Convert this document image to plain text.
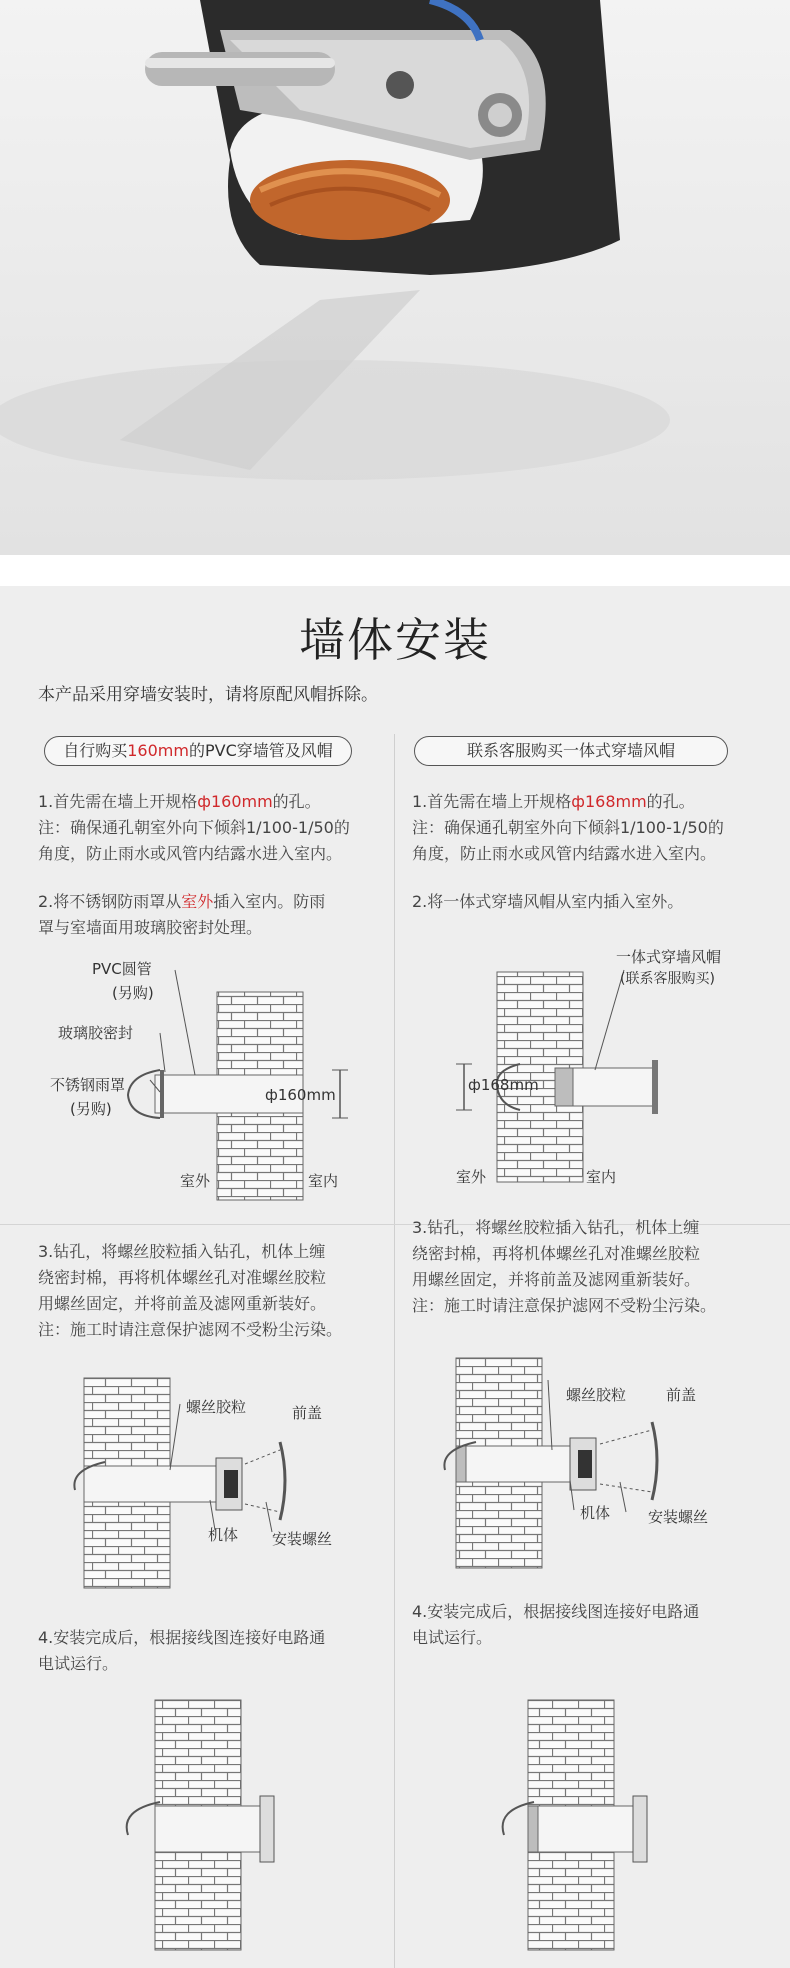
墙体安装
本产品采用穿墙安装时，请将原配风帽拆除。
自行购买160mm的PVC穿墙管及风帽	联系客服购买一体式穿墙风帽
1.首先需在墙上开规格ф160mm的孔。
注：确保通孔朝室外向下倾斜1/100-1/50的
角度，防止雨水或风管内结露水进入室内。
2.将不锈钢防雨罩从室外插入室内。防雨
罩与室墙面用玻璃胶密封处理。
1.首先需在墙上开规格ф168mm的孔。
注：确保通孔朝室外向下倾斜1/100-1/50的
角度，防止雨水或风管内结露水进入室内。
2.将一体式穿墙风帽从室内插入室外。
PVC圆管
(另购)
玻璃胶密封
不锈钢雨罩
(另购)
ф160mm
室外	室内
一体式穿墙风帽
(联系客服购买)
ф168mm
室外	室内
3.钻孔，将螺丝胶粒插入钻孔，机体上缠
绕密封棉，再将机体螺丝孔对准螺丝胶粒
用螺丝固定，并将前盖及滤网重新装好。
注：施工时请注意保护滤网不受粉尘污染。
3.钻孔，将螺丝胶粒插入钻孔，机体上缠
绕密封棉，再将机体螺丝孔对准螺丝胶粒
用螺丝固定，并将前盖及滤网重新装好。
注：施工时请注意保护滤网不受粉尘污染。
螺丝胶粒	前盖
机体 安装螺丝
螺丝胶粒	前盖
机体	安装螺丝
4.安装完成后，根据接线图连接好电路通
电试运行。
4.安装完成后，根据接线图连接好电路通
电试运行。
